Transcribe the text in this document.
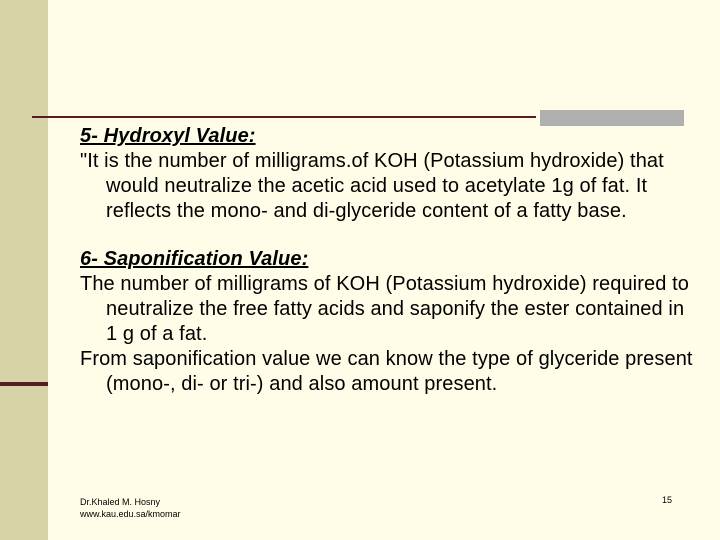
5- Hydroxyl Value:
"It is the number of milligrams.of KOH (Potassium hydroxide) that would neutralize the acetic acid used to acetylate 1g of fat. It reflects the mono- and di-glyceride content of a fatty base.
6- Saponification Value:
The number of milligrams of KOH (Potassium hydroxide) required to neutralize the free fatty acids and saponify the ester contained in 1 g of a fat.
From saponification value we can know the type of glyceride present (mono-, di- or tri-) and also amount present.
Dr.Khaled M. Hosny
www.kau.edu.sa/kmomar
15
